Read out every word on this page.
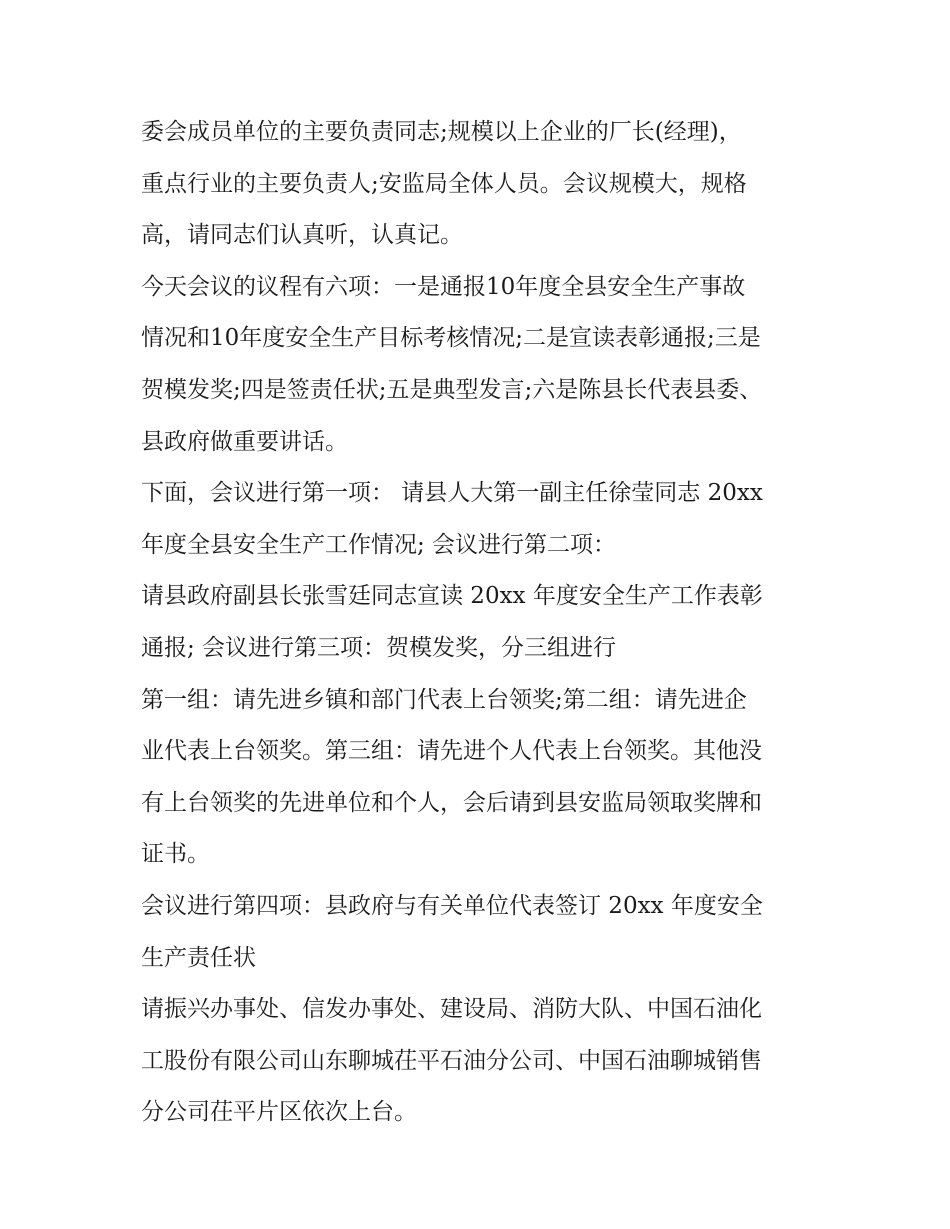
委会成员单位的主要负责同志;规模以上企业的厂长(经理)，
重点行业的主要负责人;安监局全体人员。会议规模大，规格
高，请同志们认真听，认真记。
今天会议的议程有六项：一是通报10年度全县安全生产事故
情况和10年度安全生产目标考核情况;二是宣读表彰通报;三是
贺模发奖;四是签责任状;五是典型发言;六是陈县长代表县委、
县政府做重要讲话。
下面，会议进行第一项： 请县人大第一副主任徐莹同志 20xx
年度全县安全生产工作情况; 会议进行第二项：
请县政府副县长张雪廷同志宣读 20xx 年度安全生产工作表彰
通报; 会议进行第三项：贺模发奖，分三组进行
第一组：请先进乡镇和部门代表上台领奖;第二组：请先进企
业代表上台领奖。第三组：请先进个人代表上台领奖。其他没
有上台领奖的先进单位和个人，会后请到县安监局领取奖牌和
证书。
会议进行第四项：县政府与有关单位代表签订 20xx 年度安全
生产责任状
请振兴办事处、信发办事处、建设局、消防大队、中国石油化
工股份有限公司山东聊城茌平石油分公司、中国石油聊城销售
分公司茌平片区依次上台。
